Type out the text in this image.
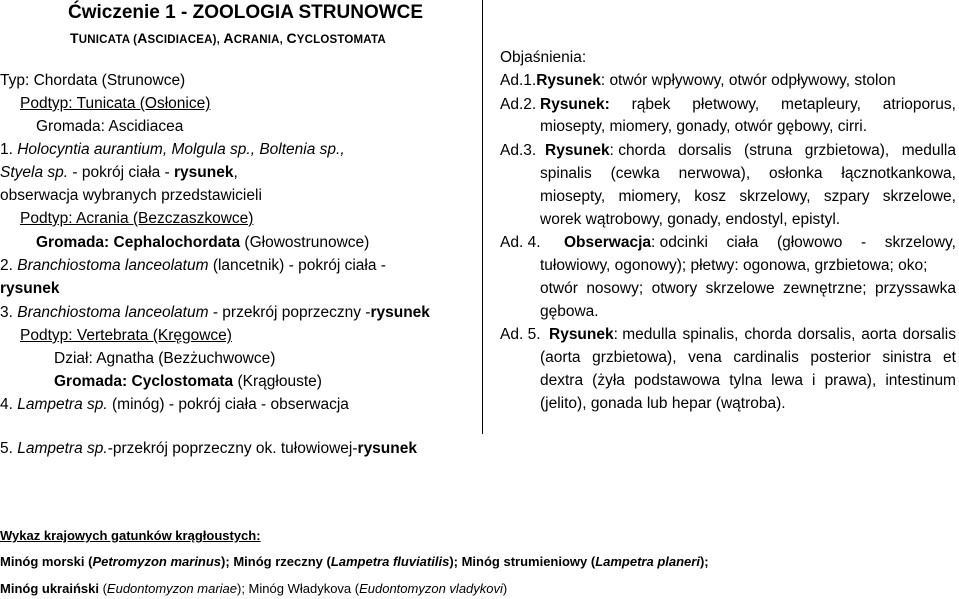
Ćwiczenie 1 - ZOOLOGIA STRUNOWCE
TUNICATA (ASCIDIACEA), ACRANIA, CYCLOSTOMATA
Typ: Chordata (Strunowce)
Podtyp: Tunicata (Osłonice)
Gromada: Ascidiacea
1. Holocyntia aurantium, Molgula sp., Boltenia sp.,
Styela sp. - pokrój ciała - rysunek,
obserwacja wybranych przedstawicieli
Podtyp: Acrania (Bezczaszkowce)
Gromada: Cephalochordata (Głowostrunowce)
2. Branchiostoma lanceolatum (lancetnik) - pokrój ciała -
rysunek
3. Branchiostoma lanceolatum - przekrój poprzeczny -rysunek
Podtyp: Vertebrata (Kręgowce)
Dział: Agnatha (Bezżuchwowce)
Gromada: Cyclostomata (Krągłouste)
4. Lampetra sp. (minóg) - pokrój ciała - obserwacja
5. Lampetra sp.-przekrój poprzeczny ok. tułowiowej-rysunek
Objaśnienia:
Ad.1.Rysunek: otwór wpływowy, otwór odpływowy, stolon
Ad.2. Rysunek: rąbek płetwowy, metapleury, atrioporus,
miosepty, miomery, gonady, otwór gębowy, cirri.
Ad.3. Rysunek: chorda dorsalis (struna grzbietowa), medulla
spinalis (cewka nerwowa), osłonka łącznotkankowa,
miosepty, miomery, kosz skrzelowy, szpary skrzelowe,
worek wątrobowy, gonady, endostyl, epistyl.
Ad. 4. Obserwacja: odcinki ciała (głowowo - skrzelowy,
tułowiowy, ogonowy); płetwy: ogonowa, grzbietowa; oko;
otwór nosowy; otwory skrzelowe zewnętrzne; przyssawka
gębowa.
Ad. 5. Rysunek: medulla spinalis, chorda dorsalis, aorta dorsalis
(aorta grzbietowa), vena cardinalis posterior sinistra et
dextra (żyła podstawowa tylna lewa i prawa), intestinum
(jelito), gonada lub hepar (wątroba).
Wykaz krajowych gatunków krągłoustych:
Minóg morski (Petromyzon marinus); Minóg rzeczny (Lampetra fluviatilis); Minóg strumieniowy (Lampetra planeri);
Minóg ukraiński (Eudontomyzon mariae); Minóg Władykova (Eudontomyzon vladykovi)
